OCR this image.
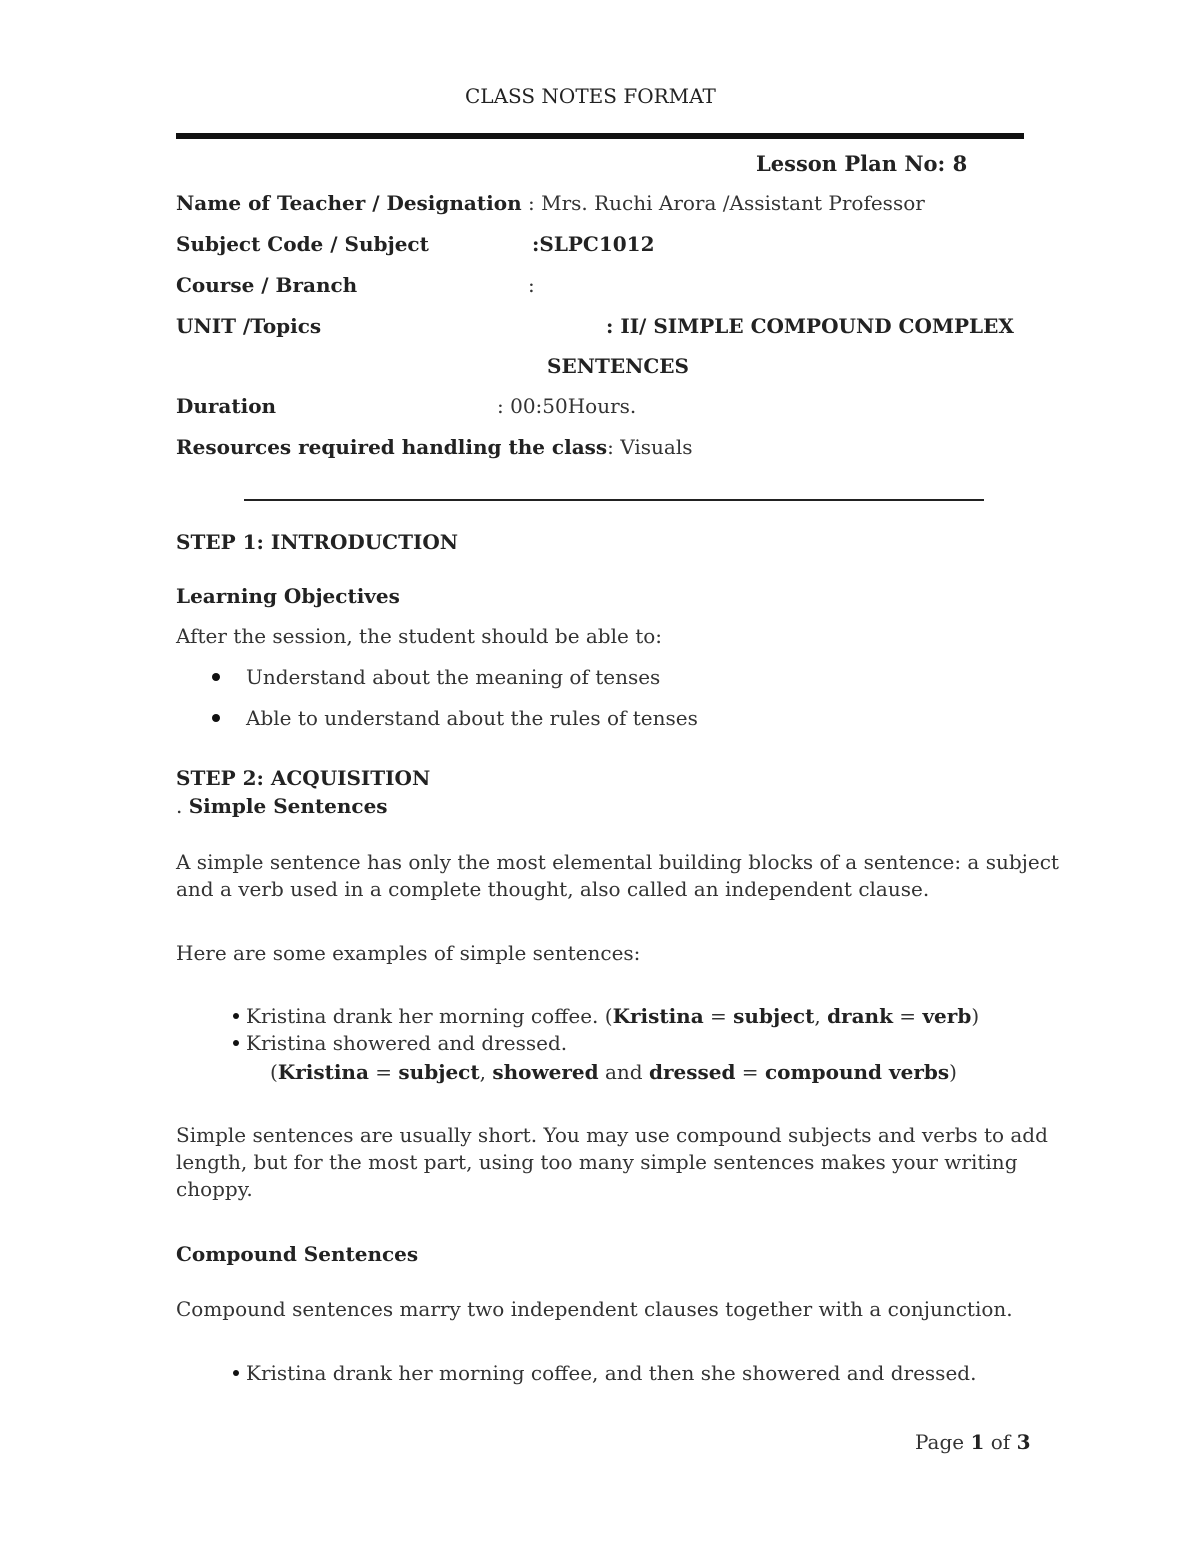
CLASS NOTES FORMAT
Lesson Plan No: 8
Name of Teacher / Designation : Mrs. Ruchi Arora /Assistant Professor
Subject Code / Subject	:SLPC1012
Course / Branch	:
UNIT /Topics	: II/ SIMPLE COMPOUND COMPLEX
SENTENCES
Duration	: 00:50Hours.
Resources required handling the class: Visuals
STEP 1: INTRODUCTION
Learning Objectives
After the session, the student should be able to:
Understand about the meaning of tenses
Able to understand about the rules of tenses
STEP 2: ACQUISITION
. Simple Sentences
A simple sentence has only the most elemental building blocks of a sentence: a subject
and a verb used in a complete thought, also called an independent clause.
Here are some examples of simple sentences:
Kristina drank her morning coffee. (Kristina = subject, drank = verb)
Kristina showered and dressed.
(Kristina = subject, showered and dressed = compound verbs)
Simple sentences are usually short. You may use compound subjects and verbs to add
length, but for the most part, using too many simple sentences makes your writing
choppy.
Compound Sentences
Compound sentences marry two independent clauses together with a conjunction.
Kristina drank her morning coffee, and then she showered and dressed.
Page 1 of 3
